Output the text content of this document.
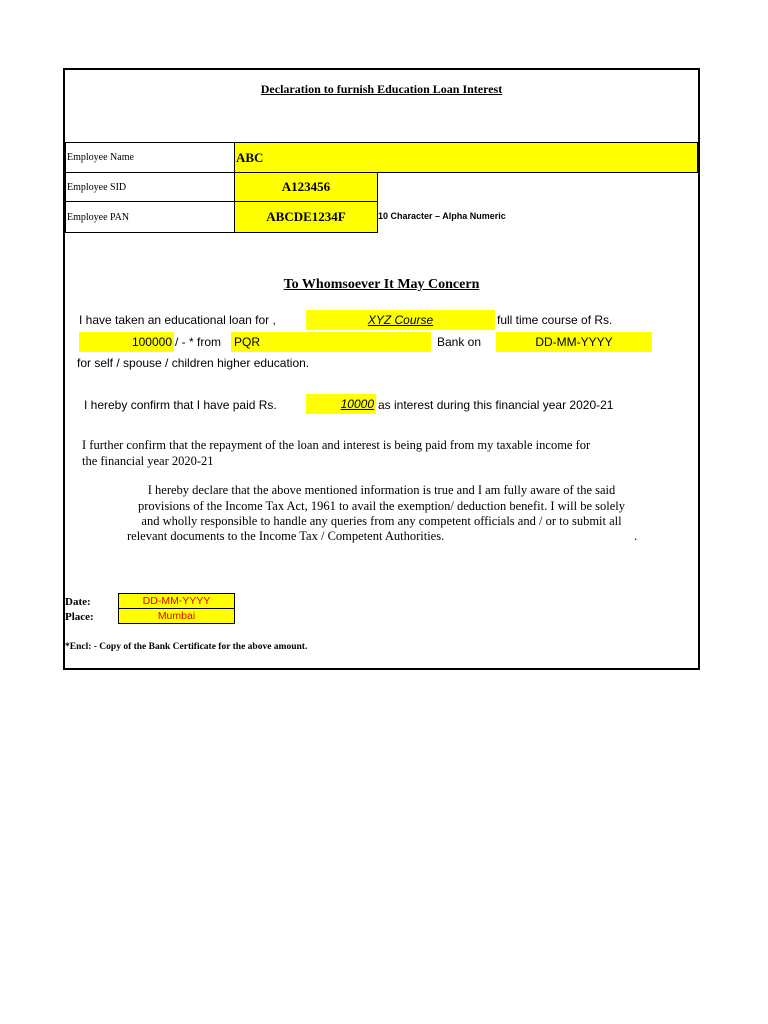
Declaration to furnish Education Loan Interest
Employee Name	ABC
Employee SID	A123456
Employee PAN	ABCDE1234F	10 Character – Alpha Numeric
To Whomsoever It May Concern
I have taken an educational loan for ,	XYZ Course	full time course of Rs.
100000 / - * from PQR	Bank on	DD-MM-YYYY
for self / spouse / children higher education.
I hereby confirm that I have paid Rs.	10000 as interest during this financial year 2020-21
I further confirm that the repayment of the loan and interest is being paid from my taxable income for
the financial year 2020-21
I hereby declare that the above mentioned information is true and I am fully aware of the said
provisions of the Income Tax Act, 1961 to avail the exemption/ deduction benefit. I will be solely
and wholly responsible to handle any queries from any competent officials and / or to submit all
relevant documents to the Income Tax / Competent Authorities.	.
Date:	DD-MM-YYYY
Place:	Mumbai
*Encl: - Copy of the Bank Certificate for the above amount.
